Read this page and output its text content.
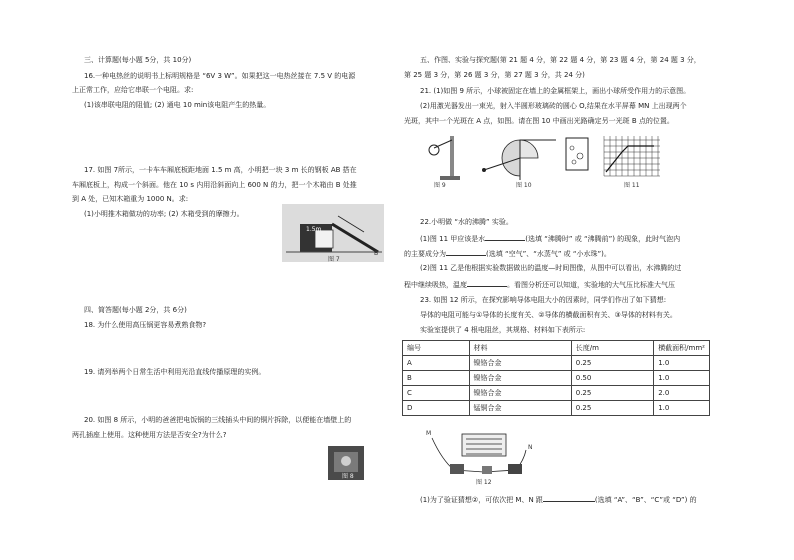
三、计算题(每小题 5分，共 10分)
16.一种电热丝的说明书上标明规格是 “6V 3 W”。如果把这一电热丝接在 7.5 V 的电源
上正常工作，应给它串联一个电阻。求:
(1)该串联电阻的阻值; (2) 通电 10 min该电阻产生的热量。
17. 如图 7所示，一卡车车厢底板距地面 1.5 m 高，小明把一块 3 m 长的钢板 AB 搭在
车厢底板上，构成一个斜面。他在 10 s 内用沿斜面向上 600 N 的力，把一个木箱由 B 处推
到 A 处，已知木箱重为 1000 N。求:
(1)小明推木箱做功的功率; (2) 木箱受到的摩擦力。
1.5m
B
图 7
四、简答题(每小题 2分，共 6分)
18. 为什么使用高压锅更容易煮熟食物?
19. 请列举两个日常生活中利用光沿直线传播原理的实例。
20. 如图 8 所示，小明的爸爸把电饭锅的三线插头中间的铜片拆除，以便能在墙壁上的
两孔插座上使用。这种使用方法是否安全?为什么?
图 8
五、作图、实验与探究题(第 21 题 4 分，第 22 题 4 分，第 23 题 4 分，第 24 题 3 分，
第 25 题 3 分，第 26 题 3 分，第 27 题 3 分，共 24 分)
21. (1)如图 9 所示，小球被固定在墙上的金属框架上，画出小球所受作用力的示意图。
(2)用激光器发出一束光，射入半圆形玻璃砖的圆心 O,结果在水平屏幕 MN 上出现两个
光斑，其中一个光斑在 A 点，如图。请在图 10 中画出光路确定另一光斑 B 点的位置。
图 9	图 10	图 11
22.小明做 “水的沸腾” 实验。
(1)图 11 甲应该是水	(选填 “沸腾时” 或 “沸腾前”) 的现象，此时气泡内
的主要成分为	(选填 “空气”、“水蒸气” 或 “小水珠”)。
(2)图 11 乙是他根据实验数据做出的温度—时间图像，从图中可以看出，水沸腾的过
程中继续吸热，温度	。看图分析还可以知道，实验地的大气压比标准大气压
23. 如图 12 所示，在探究影响导体电阻大小的因素时，同学们作出了如下猜想:
导体的电阻可能与①导体的长度有关、②导体的横截面积有关、③导体的材料有关。
实验室提供了 4 根电阻丝，其规格、材料如下表所示:
编号	材料	长度/m	横截面积/mm²
A	镍铬合金	0.25	1.0
B	镍铬合金	0.50	1.0
C	镍铬合金	0.25	2.0
D	锰铜合金	0.25	1.0
M
N
图 12
(1)为了验证猜想②，可依次把 M、N 跟	(选填 “A”、“B”、“C”或 “D”) 的
